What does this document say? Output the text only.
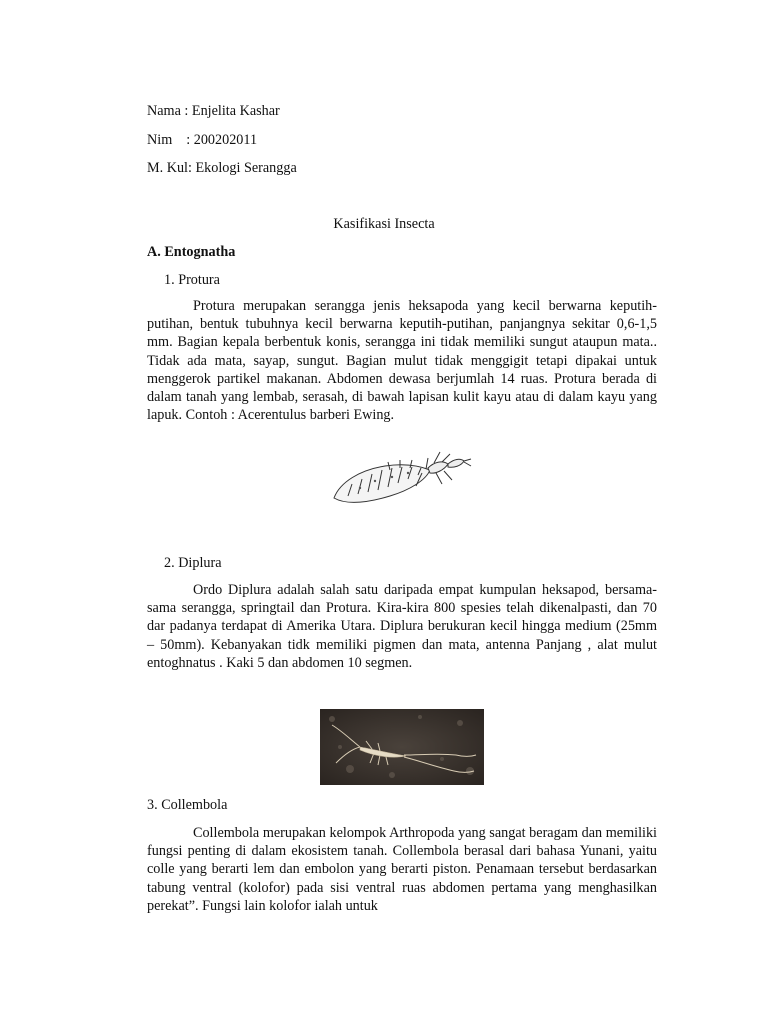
Nama : Enjelita Kashar
Nim : 200202011
M. Kul: Ekologi Serangga
Kasifikasi Insecta
A. Entognatha
1. Protura
Protura merupakan serangga jenis heksapoda yang kecil berwarna keputih-putihan, bentuk tubuhnya kecil berwarna keputih-putihan, panjangnya sekitar 0,6-1,5 mm. Bagian kepala berbentuk konis, serangga ini tidak memiliki sungut ataupun mata.. Tidak ada mata, sayap, sungut. Bagian mulut tidak menggigit tetapi dipakai untuk menggerok partikel makanan. Abdomen dewasa berjumlah 14 ruas. Protura berada di dalam tanah yang lembab, serasah, di bawah lapisan kulit kayu atau di dalam kayu yang lapuk. Contoh : Acerentulus barberi Ewing.
2. Diplura
Ordo Diplura adalah salah satu daripada empat kumpulan heksapod, bersama-sama serangga, springtail dan Protura. Kira-kira 800 spesies telah dikenalpasti, dan 70 dar padanya terdapat di Amerika Utara. Diplura berukuran kecil hingga medium (25mm – 50mm). Kebanyakan tidk memiliki pigmen dan mata, antenna Panjang , alat mulut entoghnatus . Kaki 5 dan abdomen 10 segmen.
3. Collembola
Collembola merupakan kelompok Arthropoda yang sangat beragam dan memiliki fungsi penting di dalam ekosistem tanah. Collembola berasal dari bahasa Yunani, yaitu colle yang berarti lem dan embolon yang berarti piston. Penamaan tersebut berdasarkan tabung ventral (kolofor) pada sisi ventral ruas abdomen pertama yang menghasilkan perekat”. Fungsi lain kolofor ialah untuk
